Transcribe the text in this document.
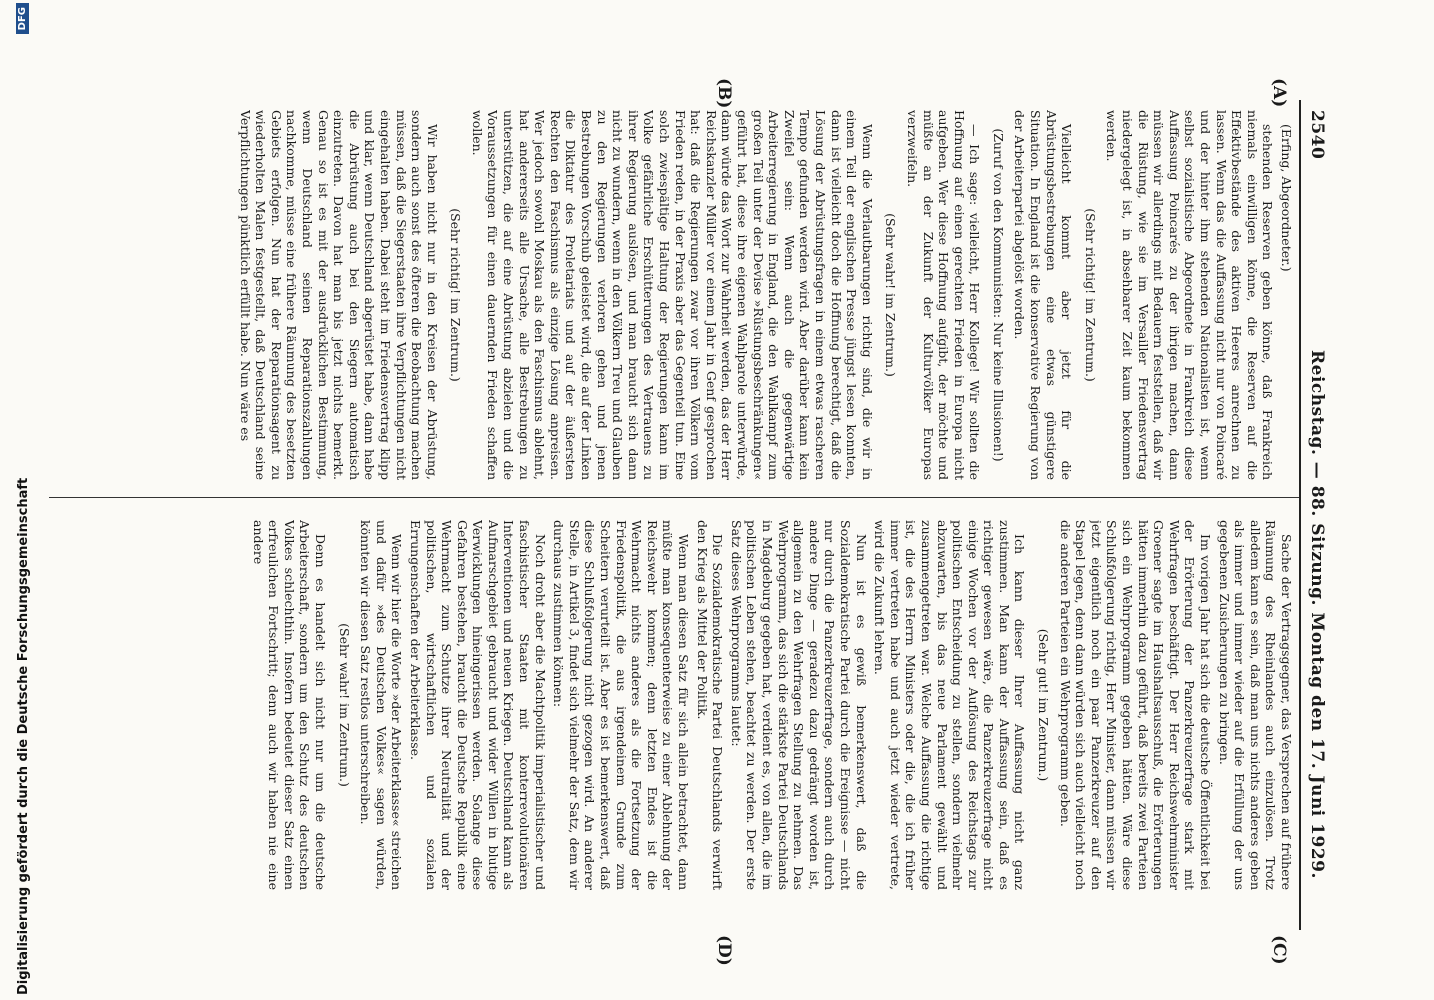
2540
Reichstag. — 88. Sitzung. Montag den 17. Juni 1929.
(A)
(B)
(C)
(D)

(Erfing, Abgeordneter.)

stehenden Reserven geben könne, daß Frankreich niemals einwilligen könne, die Reserven auf die Effektivbestände des aktiven Heeres anrechnen zu lassen. Wenn das die Auffassung nicht nur von Poincaré und der hinter ihm stehenden Nationalisten ist, wenn selbst sozialistische Abgeordnete in Frankreich diese Auffassung Poincarés zu der ihrigen machen, dann müssen wir allerdings mit Bedauern feststellen, daß wir die Rüstung, wie sie im Versailler Friedensvertrag niedergelegt ist, in absehbarer Zeit kaum bekommen werden.

(Sehr richtig! im Zentrum.)

Vielleicht kommt aber jetzt für die Abrüstungsbestrebungen eine etwas günstigere Situation. In England ist die konservative Regierung von der Arbeiterpartei abgelöst worden.

(Zuruf von den Kommunisten: Nur keine Illusionen!)

— Ich sage: vielleicht, Herr Kollege! Wir sollten die Hoffnung auf einen gerechten Frieden in Europa nicht aufgeben. Wer diese Hoffnung aufgibt, der möchte und müßte an der Zukunft der Kulturvölker Europas verzweifeln.

(Sehr wahr! im Zentrum.)

Wenn die Verlautbarungen richtig sind, die wir in einem Teil der englischen Presse jüngst lesen konnten, dann ist vielleicht doch die Hoffnung berechtigt, daß die Lösung der Abrüstungsfragen in einem etwas rascheren Tempo gefunden werden wird. Aber darüber kann kein Zweifel sein: Wenn auch die gegenwärtige Arbeiterregierung in England, die den Wahlkampf zum großen Teil unter der Devise »Rüstungsbeschränkungen« geführt hat, diese ihre eigenen Wahlparole unterwürde, dann würde das Wort zur Wahrheit werden, das der Herr Reichskanzler Müller vor einem Jahr in Genf gesprochen hat: daß die Regierungen zwar vor ihren Völkern vom Frieden reden, in der Praxis aber das Gegenteil tun. Eine solch zwiespältige Haltung der Regierungen kann im Volke gefährliche Erschütterungen des Vertrauens zu ihrer Regierung auslösen, und man braucht sich dann nicht zu wundern, wenn in den Völkern Treu und Glauben zu den Regierungen verloren gehen und jenen Bestrebungen Vorschub geleistet wird, die auf der Linken die Diktatur des Proletariats und auf der äußersten Rechten den Faschismus als einzige Lösung anpreisen. Wer jedoch sowohl Moskau als den Faschismus ablehnt, hat andererseits alle Ursache, alle Bestrebungen zu unterstützen, die auf eine Abrüstung abzielen und die Voraussetzungen für einen dauernden Frieden schaffen wollen.

(Sehr richtig! im Zentrum.)

Wir haben nicht nur in den Kreisen der Abrüstung, sondern auch sonst des öfteren die Beobachtung machen müssen, daß die Siegerstaaten ihre Verpflichtungen nicht eingehalten haben. Dabei steht im Friedensvertrag klipp und klar, wenn Deutschland abgerüstet habe, dann habe die Abrüstung auch bei den Siegern automatisch einzutreten. Davon hat man bis jetzt nichts bemerkt. Genau so ist es mit der ausdrücklichen Bestimmung, wenn Deutschland seinen Reparationszahlungen nachkomme, müsse eine frühere Räumung des besetzten Gebiets erfolgen. Nun hat der Reparationsagent zu wiederholten Malen festgestellt, daß Deutschland seine Verpflichtungen pünktlich erfüllt habe. Nun wäre es

Sache der Vertragsgegner, das Versprechen auf frühere Räumung des Rheinlandes auch einzulösen. Trotz alledem kann es sein, daß man uns nichts anderes geben als immer und immer wieder auf die Erfüllung der uns gegebenen Zusicherungen zu bringen.

Im vorigen Jahr hat sich die deutsche Öffentlichkeit bei der Erörterung der Panzerkreuzerfrage stark mit Wehrfragen beschäftigt. Der Herr Reichswehrminister Groener sagte im Haushaltsausschuß, die Erörterungen hätten immerhin dazu geführt, daß bereits zwei Parteien sich ein Wehrprogramm gegeben hätten. Wäre diese Schlußfolgerung richtig, Herr Minister, dann müssen wir jetzt eigentlich noch ein paar Panzerkreuzer auf den Stapel legen, denn dann würden sich auch vielleicht noch die anderen Parteien ein Wehrprogramm geben.

(Sehr gut! im Zentrum.)

Ich kann dieser Ihrer Auffassung nicht ganz zustimmen. Man kann der Auffassung sein, daß es richtiger gewesen wäre, die Panzerkreuzerfrage nicht einige Wochen vor der Auflösung des Reichstags zur politischen Entscheidung zu stellen, sondern vielmehr abzuwarten, bis das neue Parlament gewählt und zusammengetreten war. Welche Auffassung die richtige ist, die des Herrn Ministers oder die, die ich früher immer vertreten habe und auch jetzt wieder vertrete, wird die Zukunft lehren.

Nun ist es gewiß bemerkenswert, daß die Sozialdemokratische Partei durch die Ereignisse — nicht nur durch die Panzerkreuzerfrage, sondern auch durch andere Dinge — geradezu dazu gedrängt worden ist, allgemein zu den Wehrfragen Stellung zu nehmen. Das Wehrprogramm, das sich die stärkste Partei Deutschlands in Magdeburg gegeben hat, verdient es, von allen, die im politischen Leben stehen, beachtet zu werden. Der erste Satz dieses Wehrprogramms lautet:

Die Sozialdemokratische Partei Deutschlands verwirft den Krieg als Mittel der Politik.

Wenn man diesen Satz für sich allein betrachtet, dann müßte man konsequenterweise zu einer Ablehnung der Reichswehr kommen; denn letzten Endes ist die Wehrmacht nichts anderes als die Fortsetzung der Friedenspolitik, die aus irgendeinem Grunde zum Scheitern verurteilt ist. Aber es ist bemerkenswert, daß diese Schlußfolgerung nicht gezogen wird. An anderer Stelle, in Artikel 3, findet sich vielmehr der Satz, dem wir durchaus zustimmen können:

Noch droht aber die Machtpolitik imperialistischer und faschistischer Staaten mit konterrevolutionären Interventionen und neuen Kriegen. Deutschland kann als Aufmarschgebiet gebraucht und wider Willen in blutige Verwicklungen hineingerissen werden. Solange diese Gefahren bestehen, braucht die Deutsche Republik eine Wehrmacht zum Schutze ihrer Neutralität und der politischen, wirtschaftlichen und sozialen Errungenschaften der Arbeiterklasse.

Wenn wir hier die Worte »der Arbeiterklasse« streichen und dafür »des Deutschen Volkes« sagen würden, könnten wir diesen Satz restlos unterschreiben.

(Sehr wahr! im Zentrum.)

Denn es handelt sich nicht nur um die deutsche Arbeiterschaft, sondern um den Schutz des deutschen Volkes schlechthin. Insofern bedeutet dieser Satz einen erfreulichen Fortschritt; denn auch wir haben nie eine andere

Digitalisierung gefördert durch die Deutsche Forschungsgemeinschaft
DFG
